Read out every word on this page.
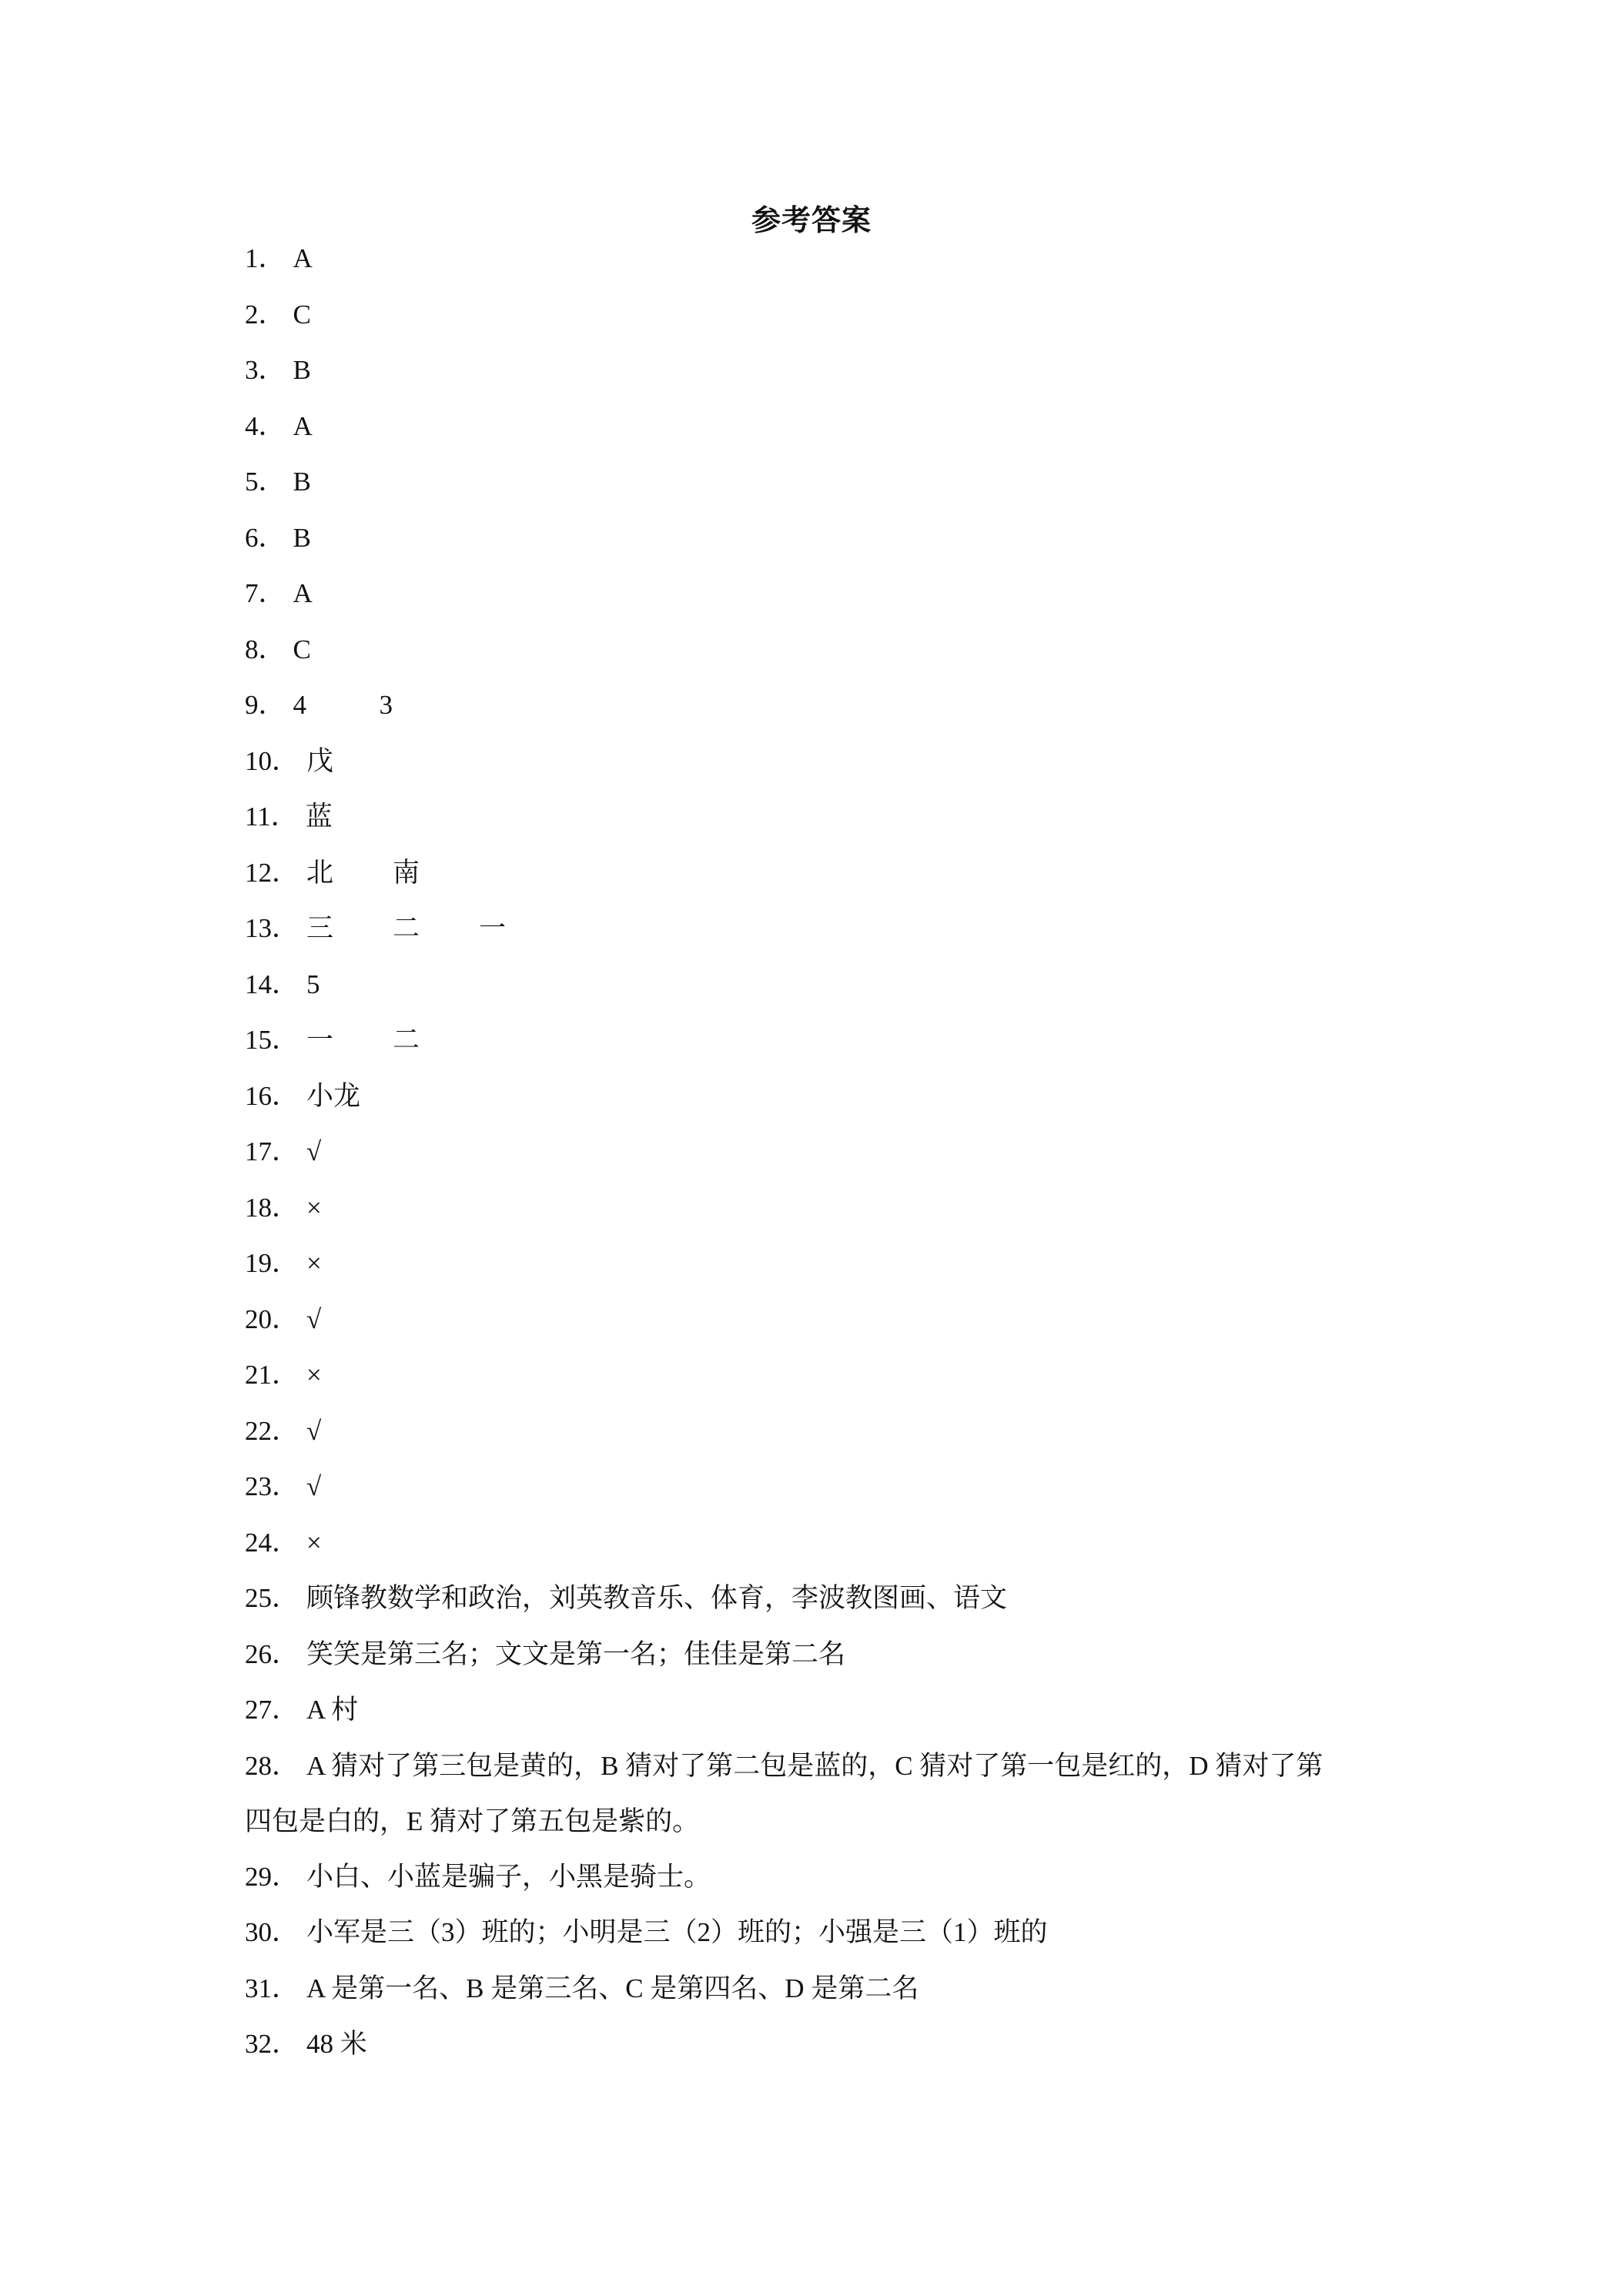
参考答案
1 ． A
2 ． C
3 ． B
4 ． A
5 ． B
6 ． B
7 ． A
8 ． C
9 ． 4	3
10 ． 戊
11 ． 蓝
12 ． 北	南
13 ． 三	二	一
14 ． 5
15 ． 一	二
16 ． 小龙
17 ． √
18 ． ×
19 ． ×
20 ． √
21 ． ×
22 ． √
23 ． √
24 ． ×
25 ． 顾锋教数学和政治，刘英教音乐、体育，李波教图画、语文
26 ． 笑笑是第三名；文文是第一名；佳佳是第二名
27 ． A 村
28． A 猜对了第三包是黄的，B 猜对了第二包是蓝的，C 猜对了第一包是红的，D 猜对了第
四包是白的，E 猜对了第五包是紫的。
29 ． 小白、小蓝是骗子，小黑是骑士。
30 ． 小军是三（3）班的；小明是三（2）班的；小强是三（1）班的
31 ． A 是第一名、B 是第三名、C 是第四名、D 是第二名
32 ． 48 米
